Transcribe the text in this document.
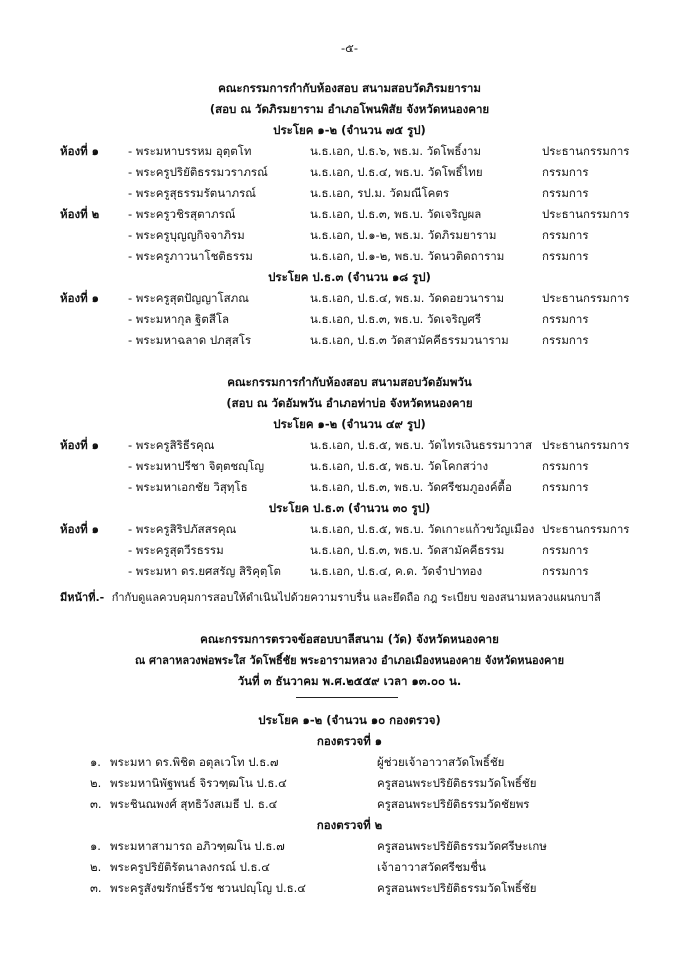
-๕-
คณะกรรมการกำกับห้องสอบ สนามสอบวัดภิรมยาราม
(สอบ ณ วัดภิรมยาราม อำเภอโพนพิสัย จังหวัดหนองคาย
ประโยค ๑-๒ (จำนวน ๗๕ รูป)
ห้องที่ ๑	- พระมหาบรรหม อุตฺตโท	น.ธ.เอก, ป.ธ.๖, พธ.ม. วัดโพธิ์งาม	ประธานกรรมการ
- พระครูปริยัติธรรมวราภรณ์	น.ธ.เอก, ป.ธ.๔, พธ.บ. วัดโพธิ์ไทย	กรรมการ
- พระครูสุธรรมรัตนาภรณ์	น.ธ.เอก, รป.ม. วัดมณีโคตร	กรรมการ
ห้องที่ ๒ - พระครูวชิรสุตาภรณ์	น.ธ.เอก, ป.ธ.๓, พธ.บ. วัดเจริญผล	ประธานกรรมการ
- พระครูบุญญกิจจาภิรม	น.ธ.เอก, ป.๑-๒, พธ.ม. วัดภิรมยาราม	กรรมการ
- พระครูภาวนาโชติธรรม	น.ธ.เอก, ป.๑-๒, พธ.บ. วัดนวติดถาราม	กรรมการ
ประโยค ป.ธ.๓ (จำนวน ๑๘ รูป)
ห้องที่ ๑	- พระครูสุตปัญญาโสภณ	น.ธ.เอก, ป.ธ.๔, พธ.ม. วัดดอยวนาราม	ประธานกรรมการ
- พระมหากุล ฐิตสีโล	น.ธ.เอก, ป.ธ.๓, พธ.บ. วัดเจริญศรี	กรรมการ
- พระมหาฉลาด ปภสฺสโร	น.ธ.เอก, ป.ธ.๓ วัดสามัคคีธรรมวนาราม	กรรมการ
คณะกรรมการกำกับห้องสอบ สนามสอบวัดอัมพวัน
(สอบ ณ วัดอัมพวัน อำเภอท่าบ่อ จังหวัดหนองคาย
ประโยค ๑-๒ (จำนวน ๔๙ รูป)
ห้องที่ ๑	- พระครูสิริธีรคุณ	น.ธ.เอก, ป.ธ.๕, พธ.บ. วัดไทรเงินธรรมาวาส ประธานกรรมการ
- พระมหาปรีชา จิตฺตชญฺโญ	น.ธ.เอก, ป.ธ.๕, พธ.บ. วัดโคกสว่าง	กรรมการ
- พระมหาเอกชัย วิสุทฺโธ	น.ธ.เอก, ป.ธ.๓, พธ.บ. วัดศรีชมภูองค์ตื้อ	กรรมการ
ประโยค ป.ธ.๓ (จำนวน ๓๐ รูป)
ห้องที่ ๑	- พระครูสิริปภัสสรคุณ	น.ธ.เอก, ป.ธ.๕, พธ.บ. วัดเกาะแก้วขวัญเมือง ประธานกรรมการ
- พระครูสุตวีรธรรม	น.ธ.เอก, ป.ธ.๓, พธ.บ. วัดสามัคคีธรรม	กรรมการ
- พระมหา ดร.ยศสรัญ สิริคุตฺโต	น.ธ.เอก, ป.ธ.๔, ค.ด. วัดจำปาทอง	กรรมการ
มีหน้าที่.- กำกับดูแลควบคุมการสอบให้ดำเนินไปด้วยความราบรื่น และยึดถือ กฎ ระเบียบ ของสนามหลวงแผนกบาลี
คณะกรรมการตรวจข้อสอบบาลีสนาม (วัด) จังหวัดหนองคาย
ณ ศาลาหลวงพ่อพระใส วัดโพธิ์ชัย พระอารามหลวง อำเภอเมืองหนองคาย จังหวัดหนองคาย
วันที่ ๓ ธันวาคม พ.ศ.๒๕๕๙ เวลา ๑๓.๐๐ น.
ประโยค ๑-๒ (จำนวน ๑๐ กองตรวจ)
กองตรวจที่ ๑
๑. พระมหา ดร.พิชิต อตุลเวโท ป.ธ.๗	ผู้ช่วยเจ้าอาวาสวัดโพธิ์ชัย
๒. พระมหานิพัฐพนธ์ จิรวฑฺฒโน ป.ธ.๔	ครูสอนพระปริยัติธรรมวัดโพธิ์ชัย
๓. พระชินณพงศ์ สุทธิวังสเมธี ป. ธ.๔	ครูสอนพระปริยัติธรรมวัดชัยพร
กองตรวจที่ ๒
๑. พระมหาสามารถ อภิวฑฺฒโน ป.ธ.๗	ครูสอนพระปริยัติธรรมวัดศรีษะเกษ
๒. พระครูปริยัติรัตนาลงกรณ์ ป.ธ.๔	เจ้าอาวาสวัดศรีชมชื่น
๓. พระครูสังฆรักษ์ธีรวัช ชวนปญฺโญ ป.ธ.๔	ครูสอนพระปริยัติธรรมวัดโพธิ์ชัย
